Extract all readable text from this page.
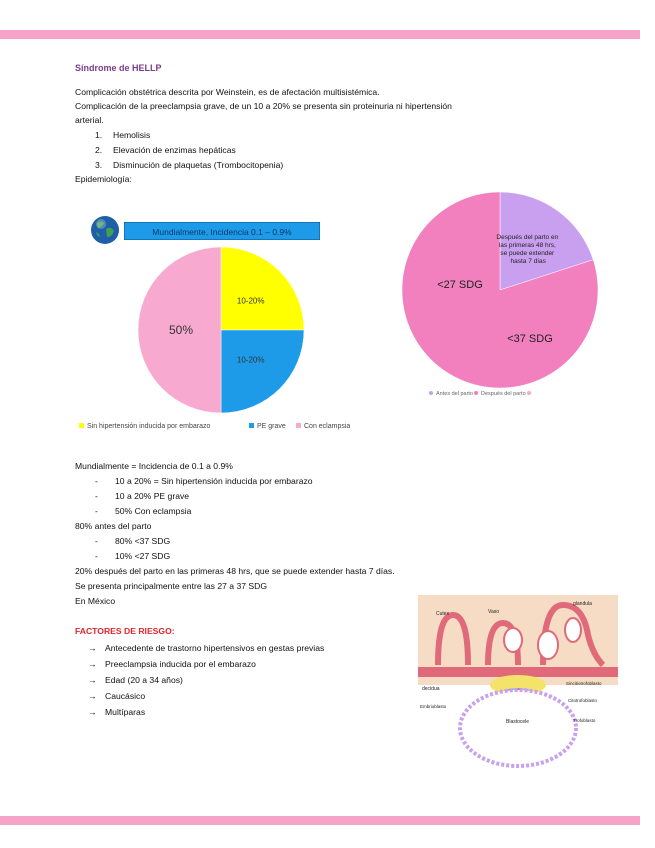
Síndrome de HELLP
Complicación obstétrica descrita por Weinstein, es de afectación multisistémica.
Complicación de la preeclampsia grave, de un 10 a 20% se presenta sin proteinuria ni hipertensión
arterial.
1. Hemolisis
2. Elevación de enzimas hepáticas
3. Disminución de plaquetas (Trombocitopenia)
Epidemiología:
Mundialmente, Incidencia 0.1 – 0.9%
10-20%
10-20%
50%
Sin hipertensión inducida por embarazo	PE grave	Con eclampsia
Después del parto en las primeras 48 hrs, se puede extender hasta 7 días
<27 SDG
<37 SDG
Antes del parto Después del parto
Mundialmente = Incidencia de 0.1 a 0.9%
- 10 a 20% = Sin hipertensión inducida por embarazo
- 10 a 20% PE grave
- 50% Con eclampsia
80% antes del parto
- 80% <37 SDG
- 10% <27 SDG
20% después del parto en las primeras 48 hrs, que se puede extender hasta 7 días.
Se presenta principalmente entre las 27 a 37 SDG
En México
FACTORES DE RIESGO:
→ Antecedente de trastorno hipertensivos en gestas previas
→ Preeclampsia inducida por el embarazo
→ Edad (20 a 34 años)
→ Caucásico
→ Multíparas
Cutex	Vaso
glandula
decidua
Sincitiotrofoblasto
Citotrofoblasto
Embrioblasto
Blastocele	Trofoblasto
